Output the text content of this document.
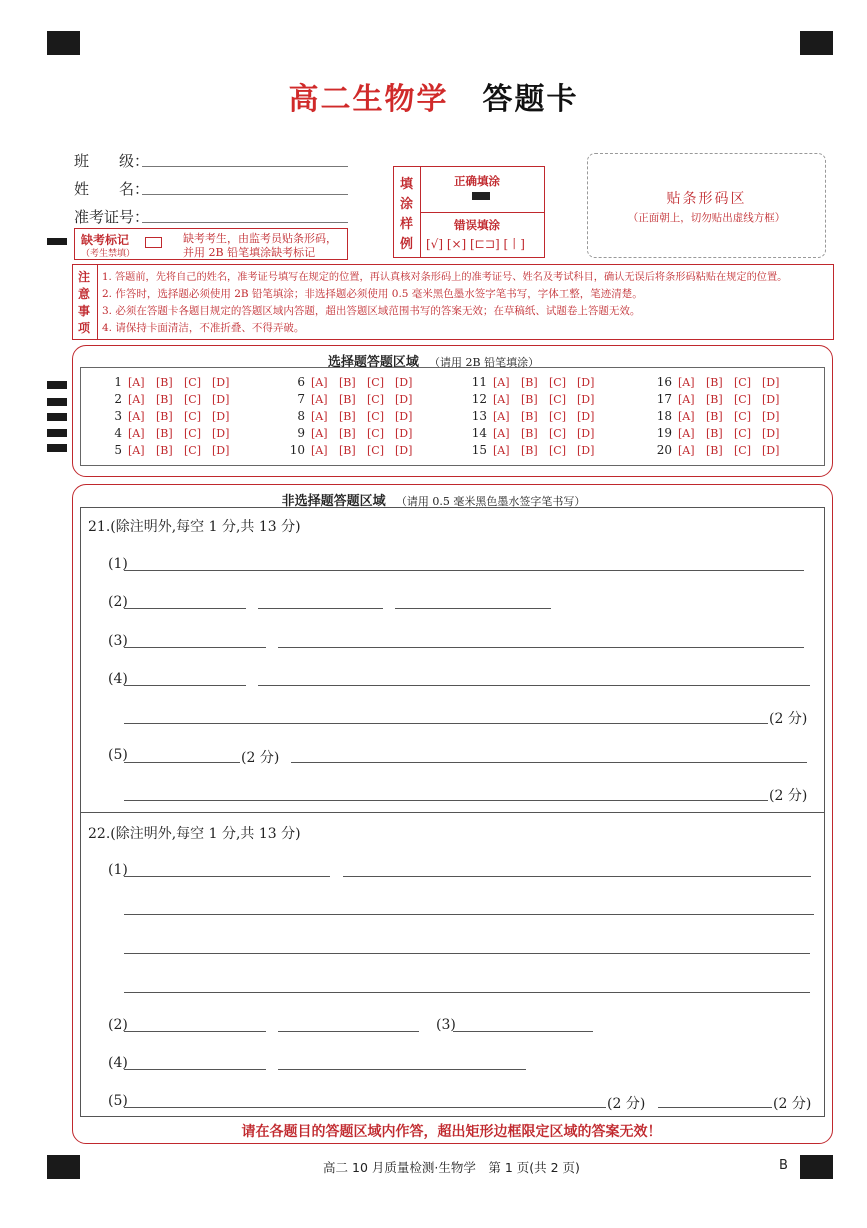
高二生物学 答题卡
班　　级：
姓　　名：
准考证号：
缺考标记
（考生禁填）
缺考考生，由监考员贴条形码，
并用 2B 铅笔填涂缺考标记
填
涂
样
例
正确填涂
错误填涂
[√] [×] [⊏⊐] [丨]
贴条形码区
（正面朝上，切勿贴出虚线方框）
注
意
事
项
1. 答题前，先将自己的姓名，准考证号填写在规定的位置，再认真核对条形码上的准考证号、姓名及考试科目，确认无误后将条形码粘贴在规定的位置。
2. 作答时，选择题必须使用 2B 铅笔填涂；非选择题必须使用 0.5 毫米黑色墨水签字笔书写，字体工整，笔迹清楚。
3. 必须在答题卡各题目规定的答题区域内答题，超出答题区域范围书写的答案无效；在草稿纸、试题卷上答题无效。
4. 请保持卡面清洁，不准折叠、不得弄破。
选择题答题区域 （请用 2B 铅笔填涂）
1 [A] [B] [C] [D]
2 [A] [B] [C] [D]
3 [A] [B] [C] [D]
4 [A] [B] [C] [D]
5 [A] [B] [C] [D]
6 [A] [B] [C] [D]
7 [A] [B] [C] [D]
8 [A] [B] [C] [D]
9 [A] [B] [C] [D]
10 [A] [B] [C] [D]
11 [A] [B] [C] [D]
12 [A] [B] [C] [D]
13 [A] [B] [C] [D]
14 [A] [B] [C] [D]
15 [A] [B] [C] [D]
16 [A] [B] [C] [D]
17 [A] [B] [C] [D]
18 [A] [B] [C] [D]
19 [A] [B] [C] [D]
20 [A] [B] [C] [D]
非选择题答题区域 （请用 0.5 毫米黑色墨水签字笔书写）
21.(除注明外,每空 1 分,共 13 分)
(1)
(2)
(3)
(4)
(2 分)
(5)	(2 分)
(2 分)
22.(除注明外,每空 1 分,共 13 分)
(1)
(2)	(3)
(4)
(5)	(2 分)	(2 分)
请在各题目的答题区域内作答，超出矩形边框限定区域的答案无效！
高二 10 月质量检测·生物学　第 1 页(共 2 页)	B
